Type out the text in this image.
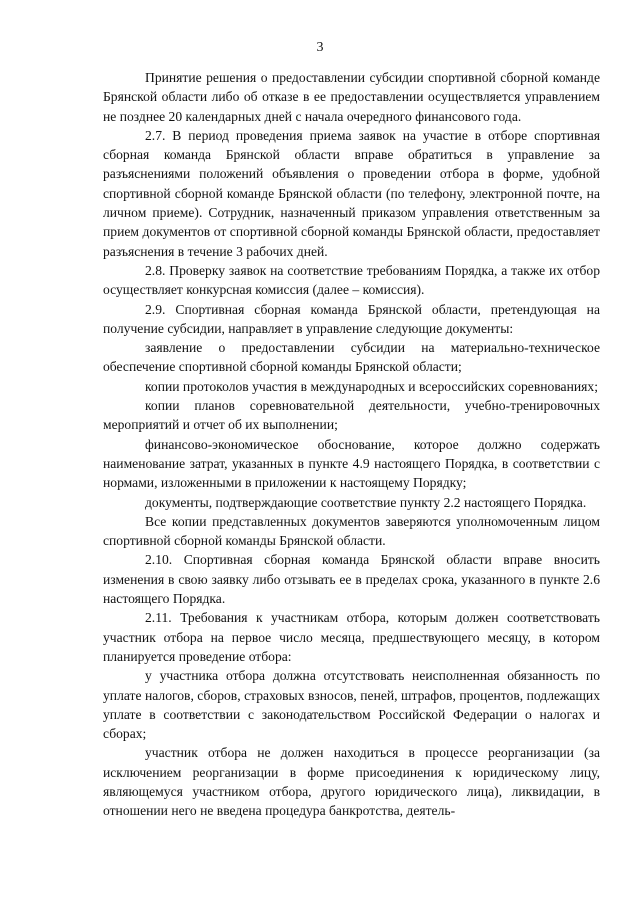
3

Принятие решения о предоставлении субсидии спортивной сборной команде Брянской области либо об отказе в ее предоставлении осуществляется управлением не позднее 20 календарных дней с начала очередного финансового года.

2.7. В период проведения приема заявок на участие в отборе спортивная сборная команда Брянской области вправе обратиться в управление за разъяснениями положений объявления о проведении отбора в форме, удобной спортивной сборной команде Брянской области (по телефону, электронной почте, на личном приеме). Сотрудник, назначенный приказом управления ответственным за прием документов от спортивной сборной команды Брянской области, предоставляет разъяснения в течение 3 рабочих дней.

2.8. Проверку заявок на соответствие требованиям Порядка, а также их отбор осуществляет конкурсная комиссия (далее – комиссия).

2.9. Спортивная сборная команда Брянской области, претендующая на получение субсидии, направляет в управление следующие документы:

заявление о предоставлении субсидии на материально-техническое обеспечение спортивной сборной команды Брянской области;

копии протоколов участия в международных и всероссийских соревнованиях;

копии планов соревновательной деятельности, учебно-тренировочных мероприятий и отчет об их выполнении;

финансово-экономическое обоснование, которое должно содержать наименование затрат, указанных в пункте 4.9 настоящего Порядка, в соответствии с нормами, изложенными в приложении к настоящему Порядку;

документы, подтверждающие соответствие пункту 2.2 настоящего Порядка.

Все копии представленных документов заверяются уполномоченным лицом спортивной сборной команды Брянской области.

2.10. Спортивная сборная команда Брянской области вправе вносить изменения в свою заявку либо отзывать ее в пределах срока, указанного в пункте 2.6 настоящего Порядка.

2.11. Требования к участникам отбора, которым должен соответствовать участник отбора на первое число месяца, предшествующего месяцу, в котором планируется проведение отбора:

у участника отбора должна отсутствовать неисполненная обязанность по уплате налогов, сборов, страховых взносов, пеней, штрафов, процентов, подлежащих уплате в соответствии с законодательством Российской Федерации о налогах и сборах;

участник отбора не должен находиться в процессе реорганизации (за исключением реорганизации в форме присоединения к юридическому лицу, являющемуся участником отбора, другого юридического лица), ликвидации, в отношении него не введена процедура банкротства, деятель-
